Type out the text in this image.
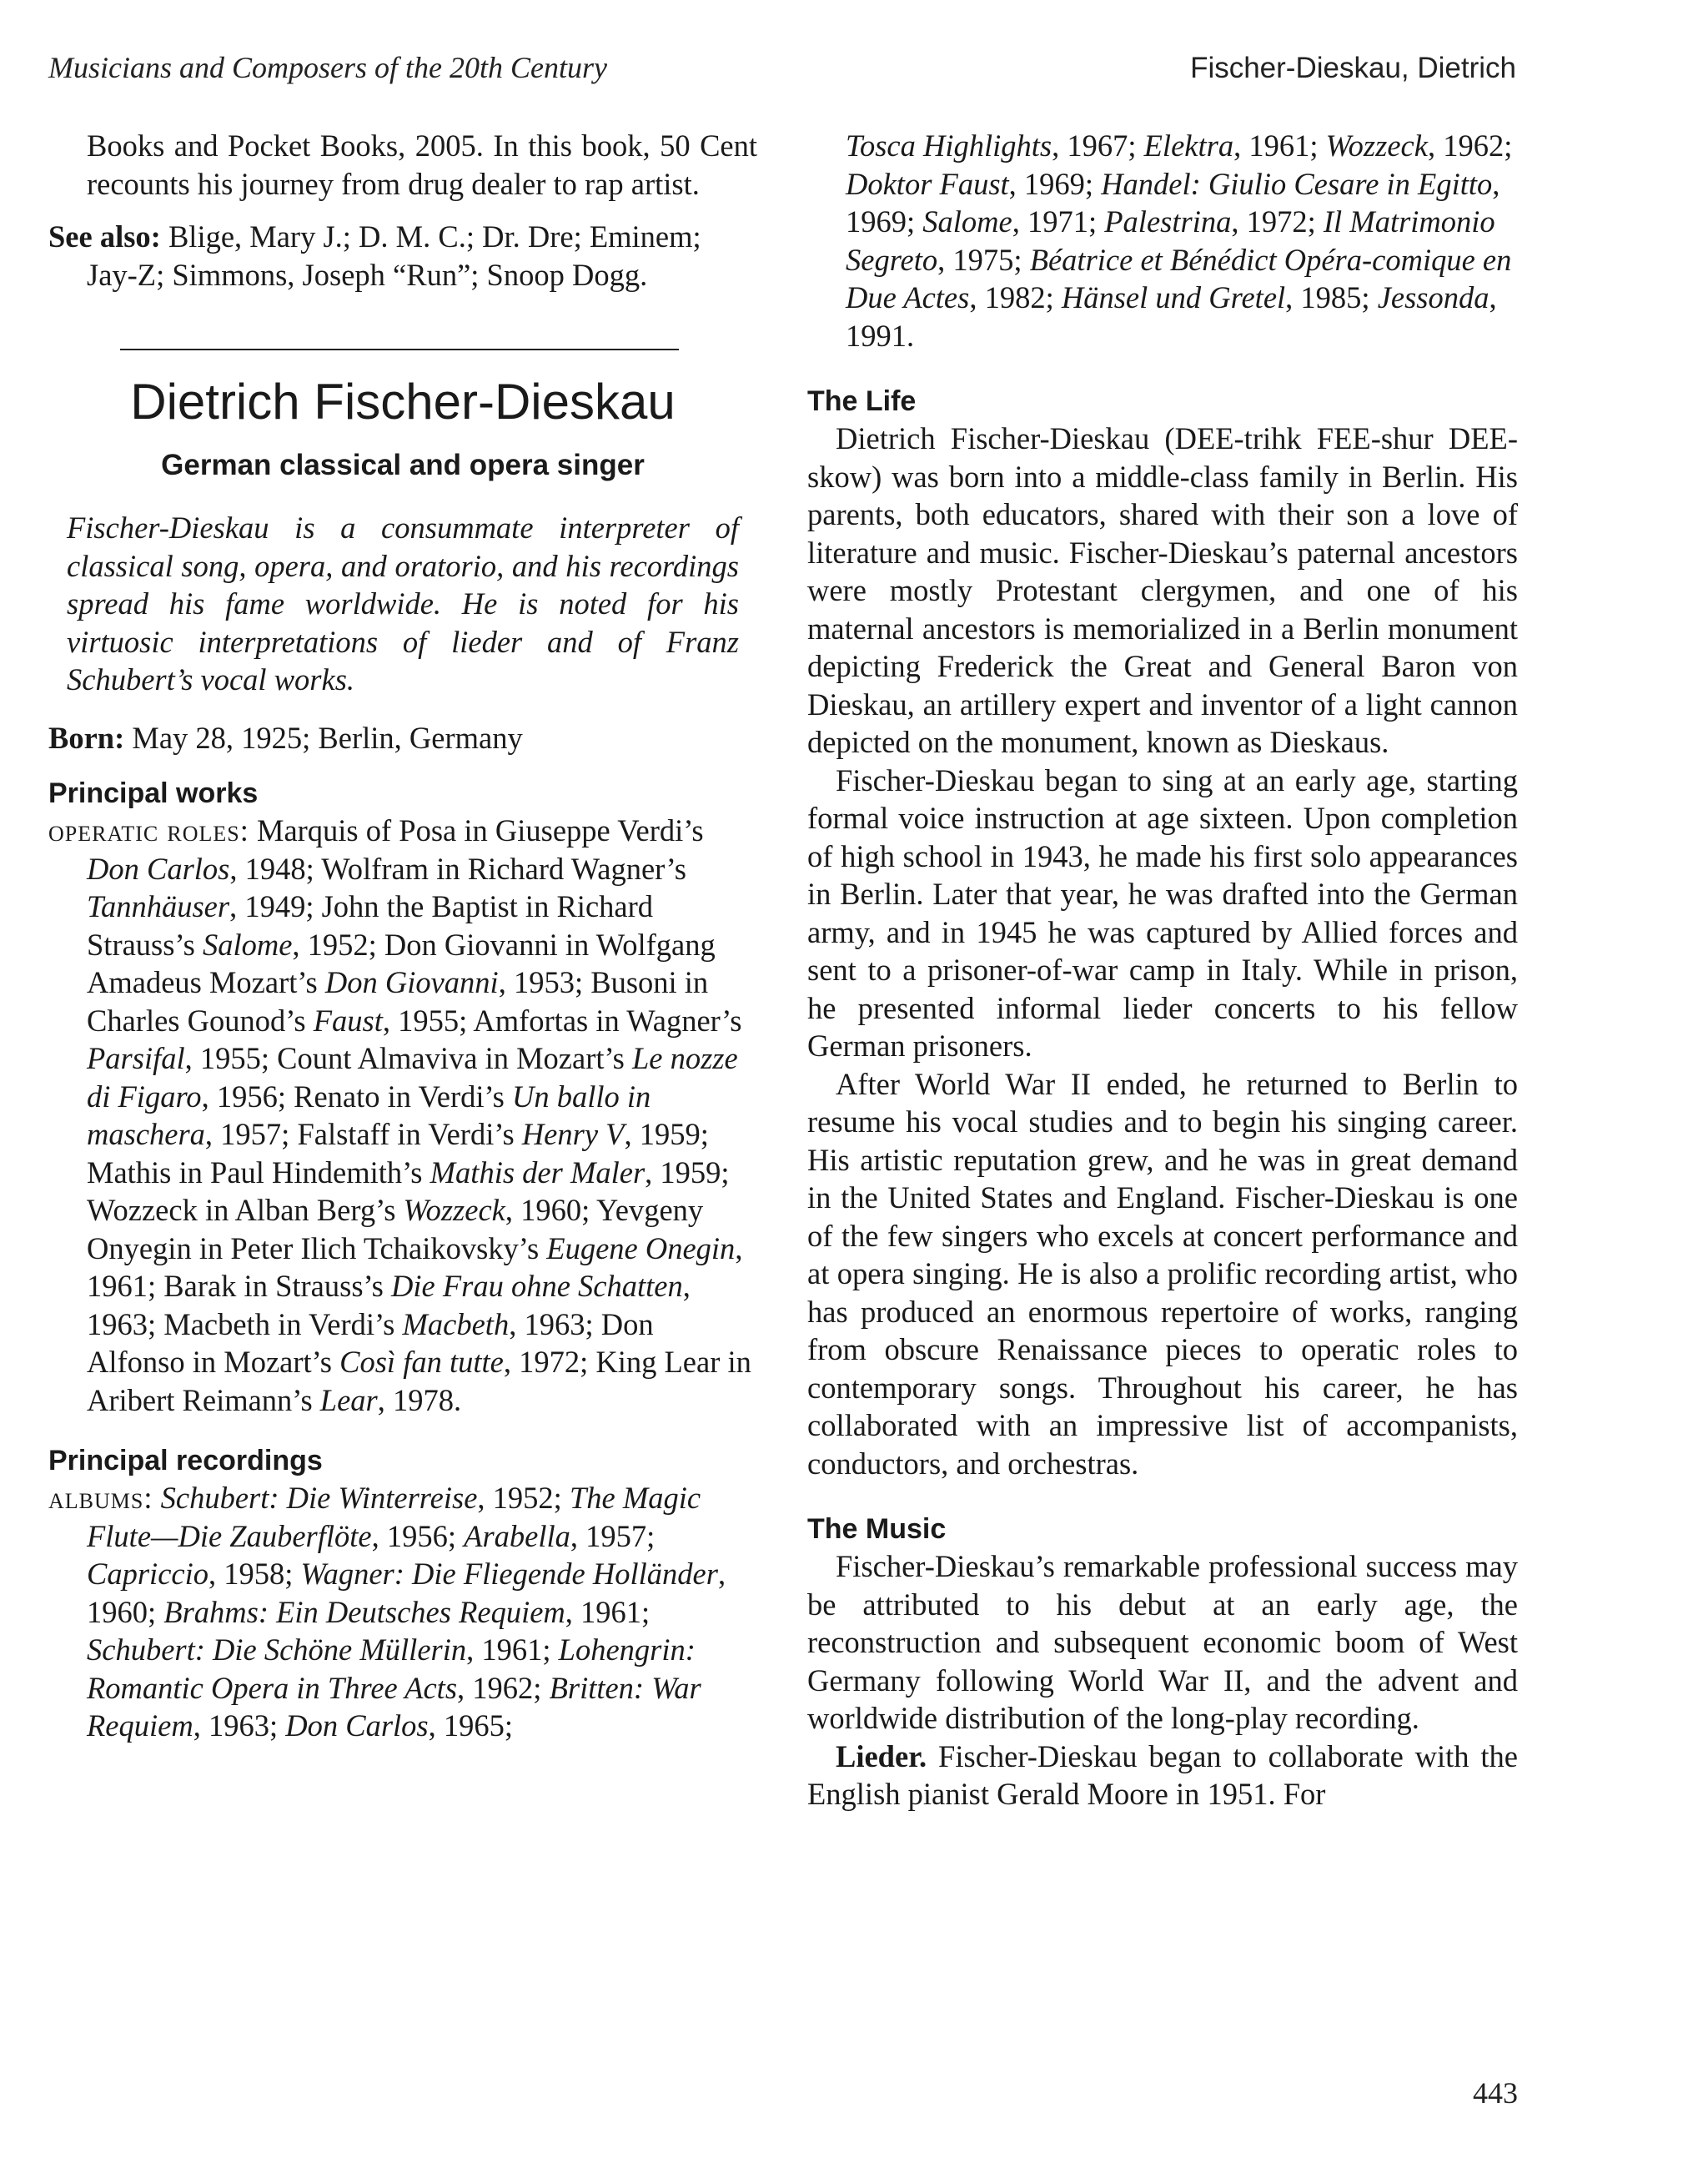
Musicians and Composers of the 20th Century	Fischer-Dieskau, Dietrich

Books and Pocket Books, 2005. In this book, 50 Cent recounts his journey from drug dealer to rap artist.

See also: Blige, Mary J.; D. M. C.; Dr. Dre; Eminem; Jay-Z; Simmons, Joseph “Run”; Snoop Dogg.

Dietrich Fischer-Dieskau
German classical and opera singer

Fischer-Dieskau is a consummate interpreter of classical song, opera, and oratorio, and his recordings spread his fame worldwide. He is noted for his virtuosic interpretations of lieder and of Franz Schubert’s vocal works.

Born: May 28, 1925; Berlin, Germany

Principal works

operatic roles: Marquis of Posa in Giuseppe Verdi’s Don Carlos, 1948; Wolfram in Richard Wagner’s Tannhäuser, 1949; John the Baptist in Richard Strauss’s Salome, 1952; Don Giovanni in Wolfgang Amadeus Mozart’s Don Giovanni, 1953; Busoni in Charles Gounod’s Faust, 1955; Amfortas in Wagner’s Parsifal, 1955; Count Almaviva in Mozart’s Le nozze di Figaro, 1956; Renato in Verdi’s Un ballo in maschera, 1957; Falstaff in Verdi’s Henry V, 1959; Mathis in Paul Hindemith’s Mathis der Maler, 1959; Wozzeck in Alban Berg’s Wozzeck, 1960; Yevgeny Onyegin in Peter Ilich Tchaikovsky’s Eugene Onegin, 1961; Barak in Strauss’s Die Frau ohne Schatten, 1963; Macbeth in Verdi’s Macbeth, 1963; Don Alfonso in Mozart’s Così fan tutte, 1972; King Lear in Aribert Reimann’s Lear, 1978.

Principal recordings

albums: Schubert: Die Winterreise, 1952; The Magic Flute—Die Zauberflöte, 1956; Arabella, 1957; Capriccio, 1958; Wagner: Die Fliegende Holländer, 1960; Brahms: Ein Deutsches Requiem, 1961; Schubert: Die Schöne Müllerin, 1961; Lohengrin: Romantic Opera in Three Acts, 1962; Britten: War Requiem, 1963; Don Carlos, 1965;

Tosca Highlights, 1967; Elektra, 1961; Wozzeck, 1962; Doktor Faust, 1969; Handel: Giulio Cesare in Egitto, 1969; Salome, 1971; Palestrina, 1972; Il Matrimonio Segreto, 1975; Béatrice et Bénédict Opéra-comique en Due Actes, 1982; Hänsel und Gretel, 1985; Jessonda, 1991.

The Life

Dietrich Fischer-Dieskau (DEE-trihk FEE-shur DEE-skow) was born into a middle-class family in Berlin. His parents, both educators, shared with their son a love of literature and music. Fischer-Dieskau’s paternal ancestors were mostly Protestant clergymen, and one of his maternal ancestors is memorialized in a Berlin monument depicting Frederick the Great and General Baron von Dieskau, an artillery expert and inventor of a light cannon depicted on the monument, known as Dieskaus.

Fischer-Dieskau began to sing at an early age, starting formal voice instruction at age sixteen. Upon completion of high school in 1943, he made his first solo appearances in Berlin. Later that year, he was drafted into the German army, and in 1945 he was captured by Allied forces and sent to a prisoner-of-war camp in Italy. While in prison, he presented informal lieder concerts to his fellow German prisoners.

After World War II ended, he returned to Berlin to resume his vocal studies and to begin his singing career. His artistic reputation grew, and he was in great demand in the United States and England. Fischer-Dieskau is one of the few singers who excels at concert performance and at opera singing. He is also a prolific recording artist, who has produced an enormous repertoire of works, ranging from obscure Renaissance pieces to operatic roles to contemporary songs. Throughout his career, he has collaborated with an impressive list of accompanists, conductors, and orchestras.

The Music

Fischer-Dieskau’s remarkable professional success may be attributed to his debut at an early age, the reconstruction and subsequent economic boom of West Germany following World War II, and the advent and worldwide distribution of the long-play recording.

Lieder. Fischer-Dieskau began to collaborate with the English pianist Gerald Moore in 1951. For

443
